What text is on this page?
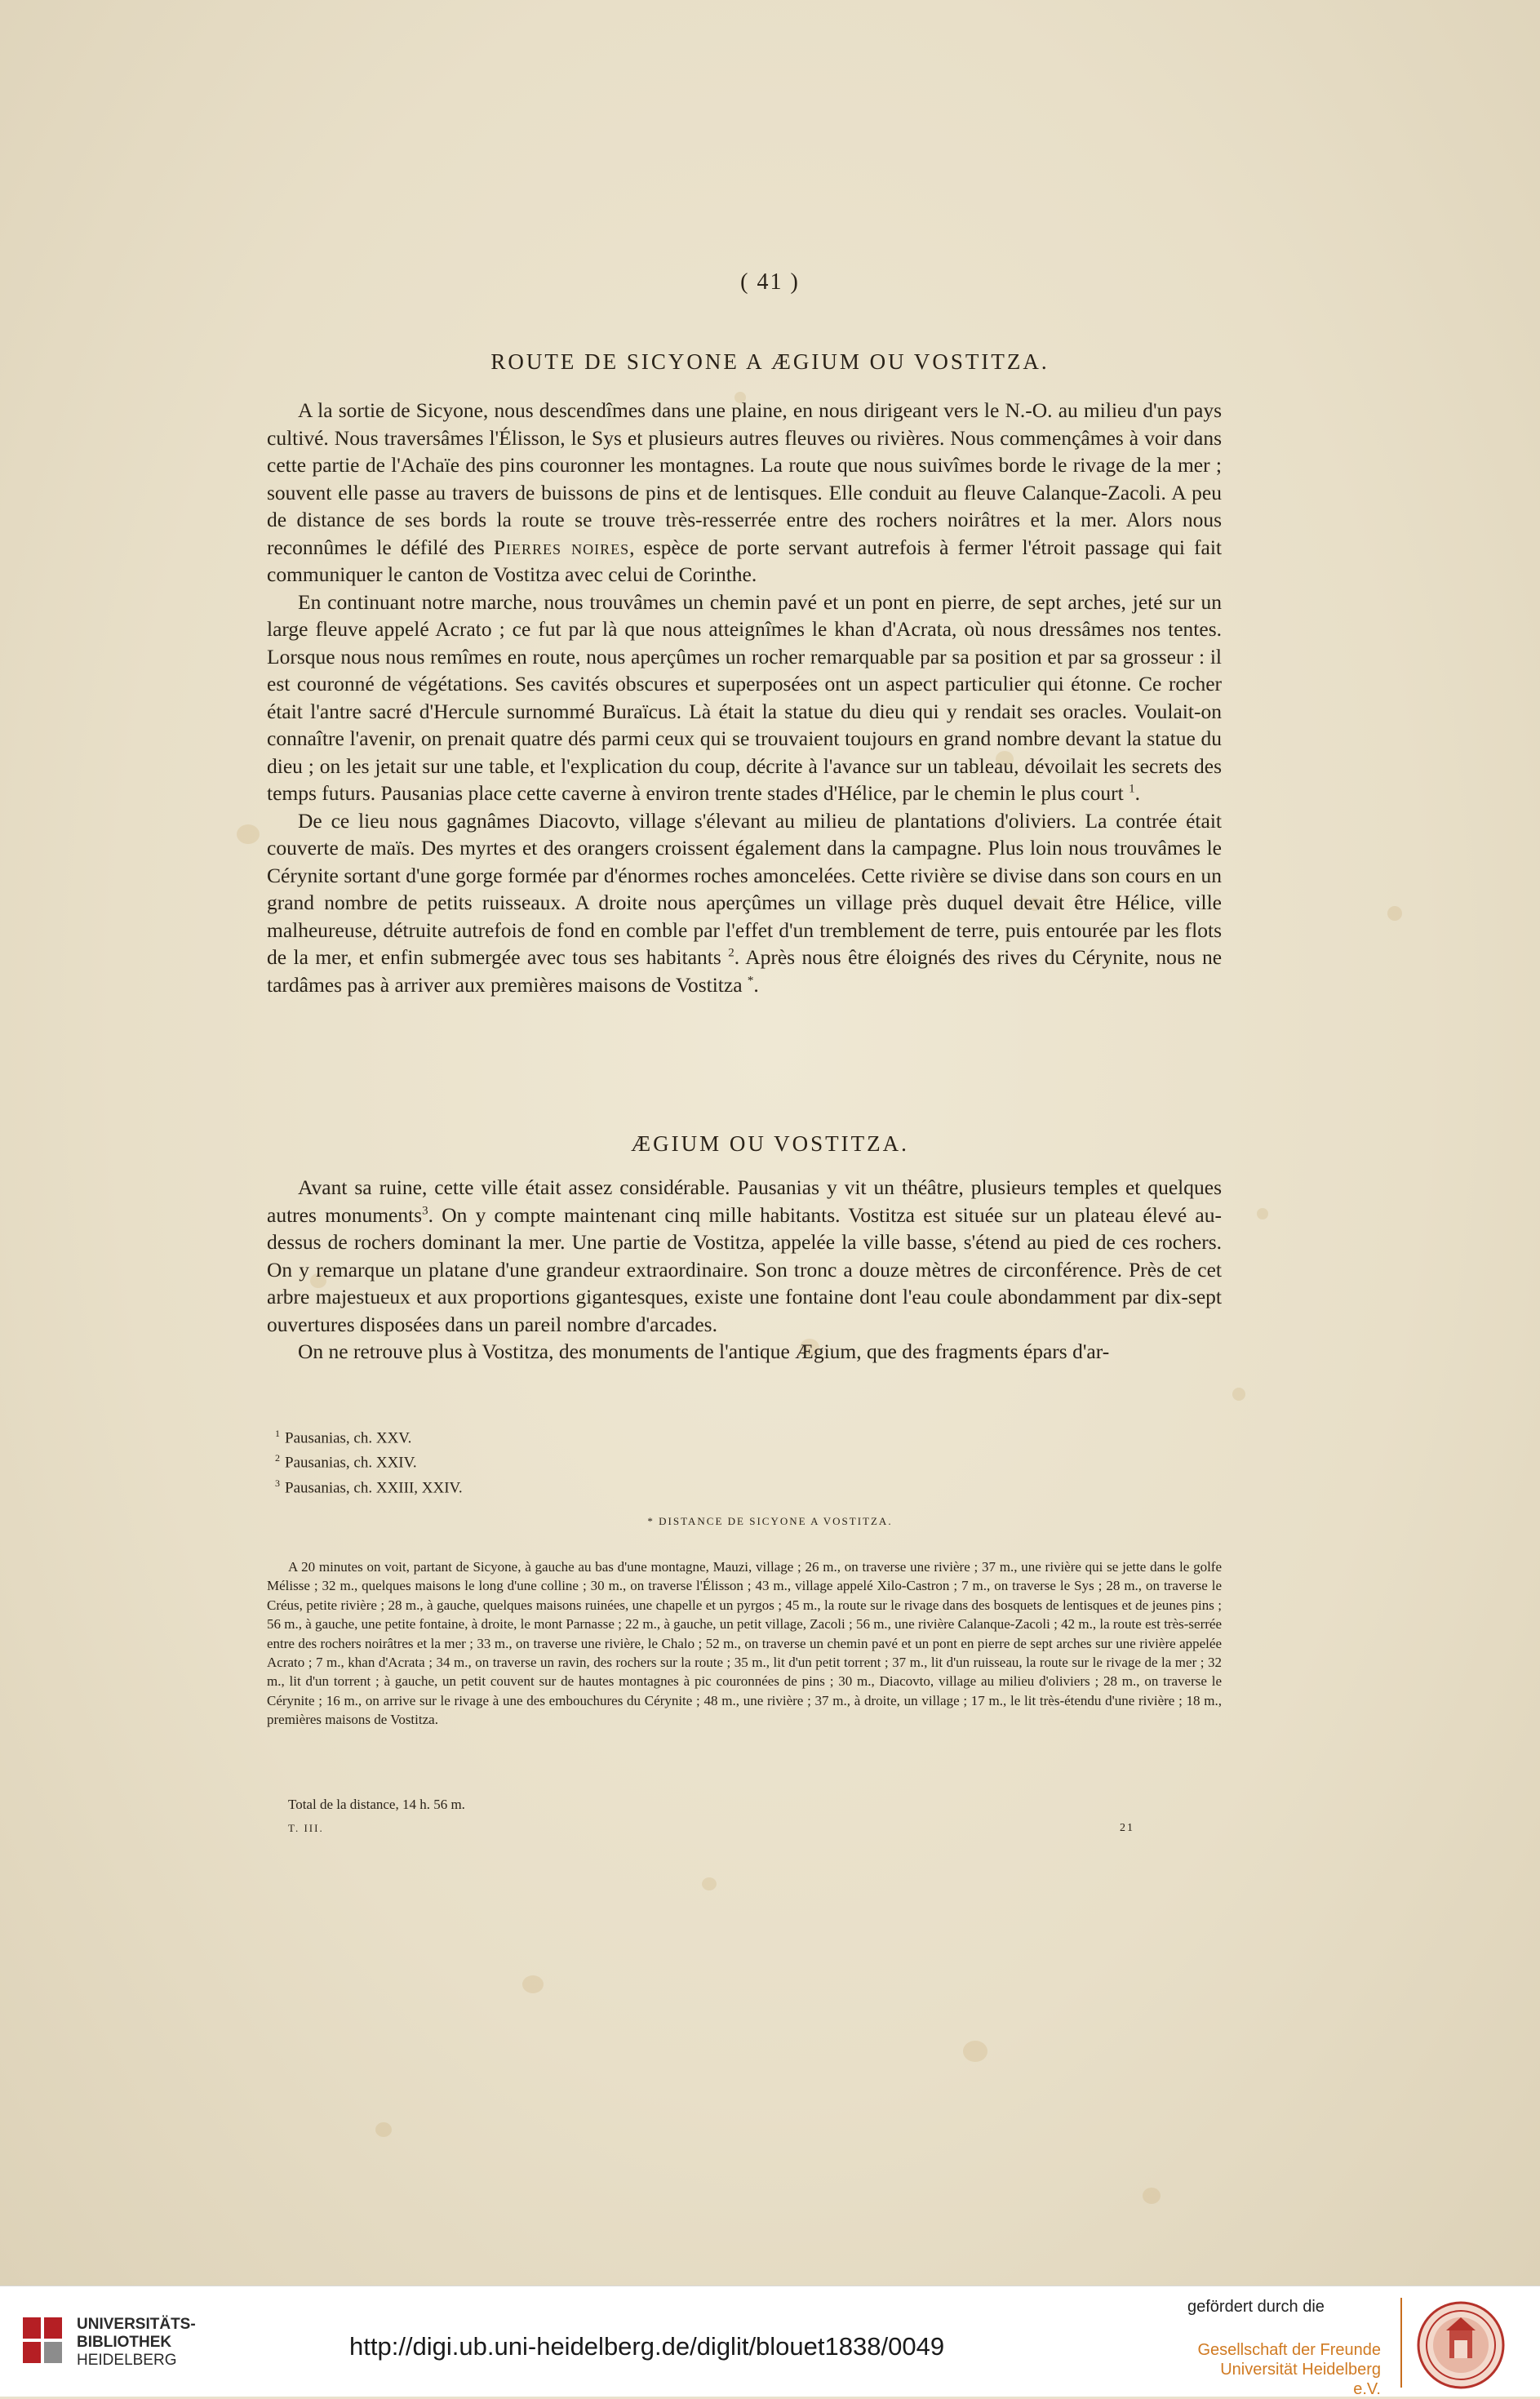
( 41 )
ROUTE DE SICYONE A ÆGIUM OU VOSTITZA.

A la sortie de Sicyone, nous descendîmes dans une plaine, en nous dirigeant vers le N.-O. au milieu d'un pays cultivé. Nous traversâmes l'Élisson, le Sys et plusieurs autres fleuves ou rivières. Nous commençâmes à voir dans cette partie de l'Achaïe des pins couronner les montagnes. La route que nous suivîmes borde le rivage de la mer ; souvent elle passe au travers de buissons de pins et de lentisques. Elle conduit au fleuve Calanque-Zacoli. A peu de distance de ses bords la route se trouve très-resserrée entre des rochers noirâtres et la mer. Alors nous reconnûmes le défilé des Pierres noires, espèce de porte servant autrefois à fermer l'étroit passage qui fait communiquer le canton de Vostitza avec celui de Corinthe.

En continuant notre marche, nous trouvâmes un chemin pavé et un pont en pierre, de sept arches, jeté sur un large fleuve appelé Acrato ; ce fut par là que nous atteignîmes le khan d'Acrata, où nous dressâmes nos tentes. Lorsque nous nous remîmes en route, nous aperçûmes un rocher remarquable par sa position et par sa grosseur : il est couronné de végétations. Ses cavités obscures et superposées ont un aspect particulier qui étonne. Ce rocher était l'antre sacré d'Hercule surnommé Buraïcus. Là était la statue du dieu qui y rendait ses oracles. Voulait-on connaître l'avenir, on prenait quatre dés parmi ceux qui se trouvaient toujours en grand nombre devant la statue du dieu ; on les jetait sur une table, et l'explication du coup, décrite à l'avance sur un tableau, dévoilait les secrets des temps futurs. Pausanias place cette caverne à environ trente stades d'Hélice, par le chemin le plus court $^1$.

De ce lieu nous gagnâmes Diacovto, village s'élevant au milieu de plantations d'oliviers. La contrée était couverte de maïs. Des myrtes et des orangers croissent également dans la campagne. Plus loin nous trouvâmes le Cérynite sortant d'une gorge formée par d'énormes roches amoncelées. Cette rivière se divise dans son cours en un grand nombre de petits ruisseaux. A droite nous aperçûmes un village près duquel devait être Hélice, ville malheureuse, détruite autrefois de fond en comble par l'effet d'un tremblement de terre, puis entourée par les flots de la mer, et enfin submergée avec tous ses habitants $^2$. Après nous être éloignés des rives du Cérynite, nous ne tardâmes pas à arriver aux premières maisons de Vostitza *.

ÆGIUM OU VOSTITZA.

Avant sa ruine, cette ville était assez considérable. Pausanias y vit un théâtre, plusieurs temples et quelques autres monuments$^3$. On y compte maintenant cinq mille habitants. Vostitza est située sur un plateau élevé au-dessus de rochers dominant la mer. Une partie de Vostitza, appelée la ville basse, s'étend au pied de ces rochers. On y remarque un platane d'une grandeur extraordinaire. Son tronc a douze mètres de circonférence. Près de cet arbre majestueux et aux proportions gigantesques, existe une fontaine dont l'eau coule abondamment par dix-sept ouvertures disposées dans un pareil nombre d'arcades.

On ne retrouve plus à Vostitza, des monuments de l'antique Ægium, que des fragments épars d'ar-

$^1$ Pausanias, ch. XXV.
$^2$ Pausanias, ch. XXIV.
$^3$ Pausanias, ch. XXIII, XXIV.
* DISTANCE DE SICYONE A VOSTITZA.

A 20 minutes on voit, partant de Sicyone, à gauche au bas d'une montagne, Mauzi, village ; 26 m., on traverse une rivière ; 37 m., une rivière qui se jette dans le golfe Mélisse ; 32 m., quelques maisons le long d'une colline ; 30 m., on traverse l'Élisson ; 43 m., village appelé Xilo-Castron ; 7 m., on traverse le Sys ; 28 m., on traverse le Créus, petite rivière ; 28 m., à gauche, quelques maisons ruinées, une chapelle et un pyrgos ; 45 m., la route sur le rivage dans des bosquets de lentisques et de jeunes pins ; 56 m., à gauche, une petite fontaine, à droite, le mont Parnasse ; 22 m., à gauche, un petit village, Zacoli ; 56 m., une rivière Calanque-Zacoli ; 42 m., la route est très-serrée entre des rochers noirâtres et la mer ; 33 m., on traverse une rivière, le Chalo ; 52 m., on traverse un chemin pavé et un pont en pierre de sept arches sur une rivière appelée Acrato ; 7 m., khan d'Acrata ; 34 m., on traverse un ravin, des rochers sur la route ; 35 m., lit d'un petit torrent ; 37 m., lit d'un ruisseau, la route sur le rivage de la mer ; 32 m., lit d'un torrent ; à gauche, un petit couvent sur de hautes montagnes à pic couronnées de pins ; 30 m., Diacovto, village au milieu d'oliviers ; 28 m., on traverse le Cérynite ; 16 m., on arrive sur le rivage à une des embouchures du Cérynite ; 48 m., une rivière ; 37 m., à droite, un village ; 17 m., le lit très-étendu d'une rivière ; 18 m., premières maisons de Vostitza.

Total de la distance, 14 h. 56 m.
T. III.	21
UNIVERSITÄTS-
BIBLIOTHEK
HEIDELBERG	http://digi.ub.uni-heidelberg.de/diglit/blouet1838/0049
gefördert durch die
Gesellschaft der Freunde
Universität Heidelberg e.V.
